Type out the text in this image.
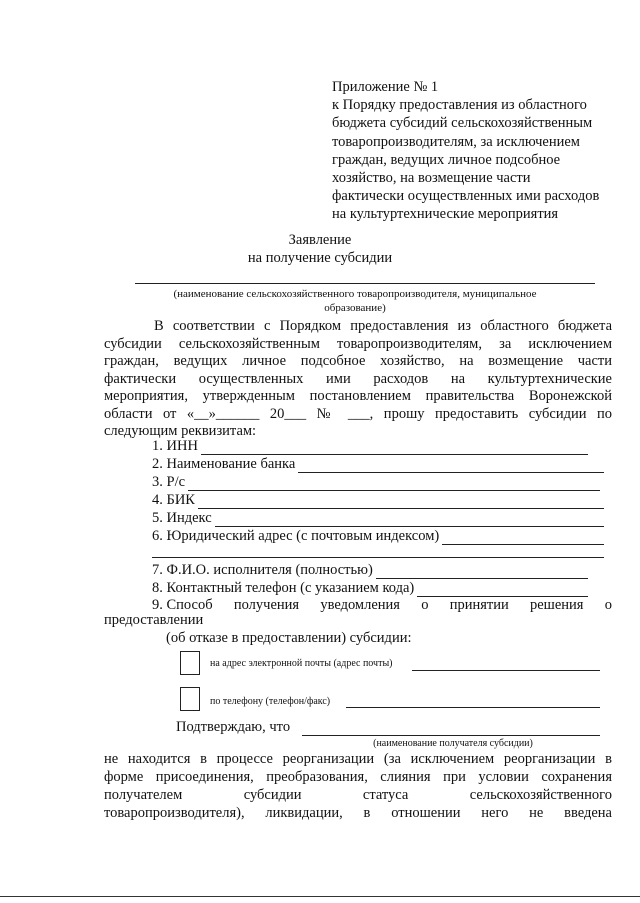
Приложение № 1
к Порядку предоставления из областного
бюджета субсидий сельскохозяйственным
товаропроизводителям, за исключением
граждан, ведущих личное подсобное
хозяйство, на возмещение части
фактически осуществленных ими расходов
на культуртехнические мероприятия
Заявление
на получение субсидии
(наименование сельскохозяйственного товаропроизводителя, муниципальное
образование)
В соответствии с Порядком предоставления из областного бюджета
субсидии сельскохозяйственным товаропроизводителям, за исключением
граждан, ведущих личное подсобное хозяйство, на возмещение части
фактически осуществленных ими расходов на культуртехнические
мероприятия, утвержденным постановлением правительства Воронежской
области от «__»______ 20___ № ___, прошу предоставить субсидии по
следующим реквизитам:
1. ИНН
2. Наименование банка
3. Р/с
4. БИК
5. Индекс
6. Юридический адрес (с почтовым индексом)
7. Ф.И.О. исполнителя (полностью)
8. Контактный телефон (с указанием кода)
9. Способ получения уведомления о принятии решения о
предоставлении
(об отказе в предоставлении) субсидии:
на адрес электронной почты (адрес почты)
по телефону (телефон/факс)
Подтверждаю, что
(наименование получателя субсидии)
не находится в процессе реорганизации (за исключением реорганизации в
форме присоединения, преобразования, слияния при условии сохранения
получателем субсидии статуса сельскохозяйственного
товаропроизводителя), ликвидации, в отношении него не введена
